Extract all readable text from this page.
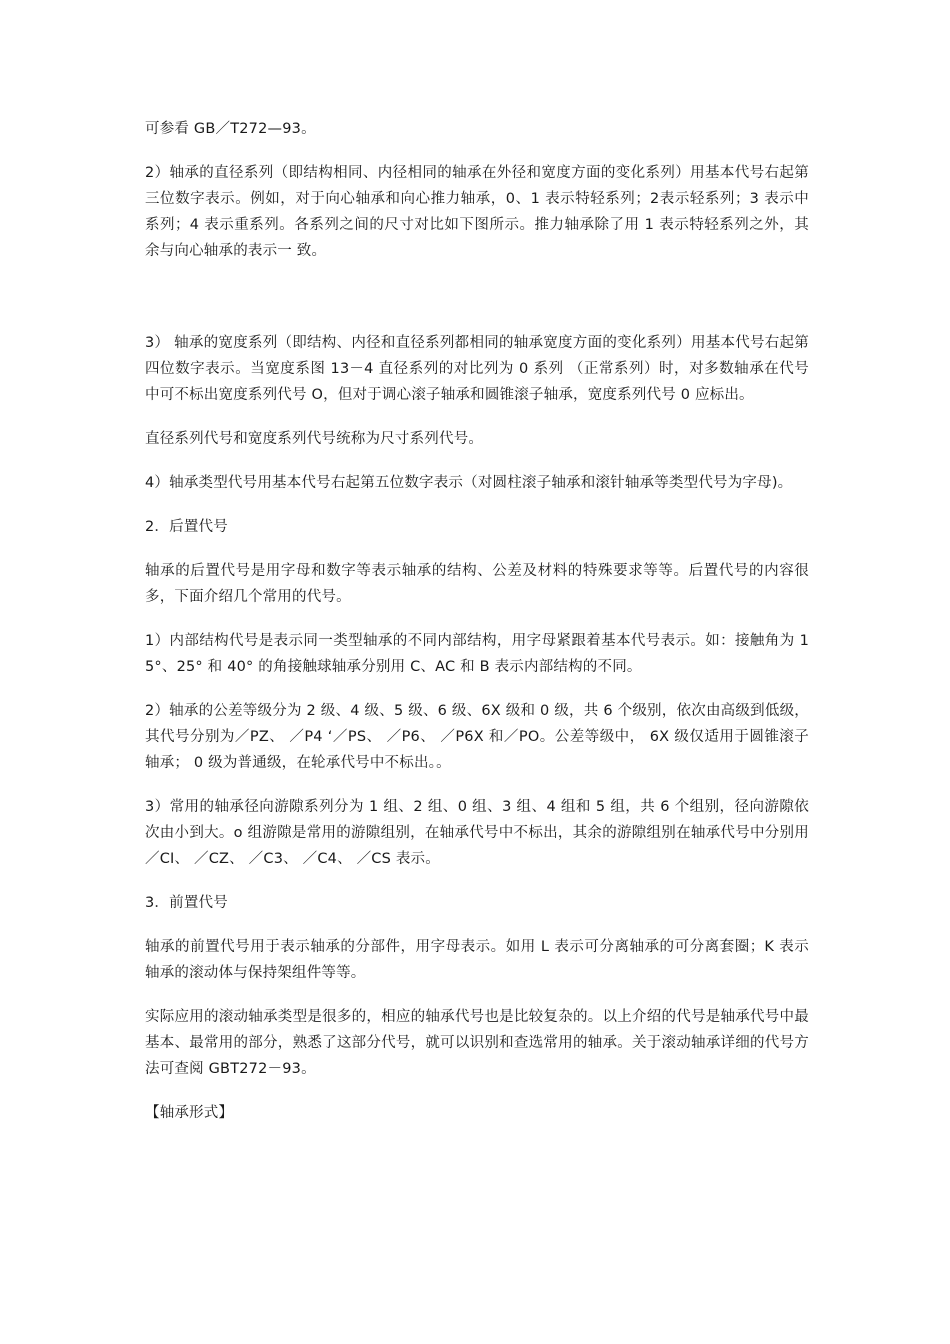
可参看 GB／T272—93。

2）轴承的直径系列（即结构相同、内径相同的轴承在外径和宽度方面的变化系列）用基本代号右起第三位数字表示。例如，对于向心轴承和向心推力轴承，0、1 表示特轻系列；2表示轻系列；3 表示中系列；4 表示重系列。各系列之间的尺寸对比如下图所示。推力轴承除了用 1 表示特轻系列之外，其余与向心轴承的表示一 致。

3） 轴承的宽度系列（即结构、内径和直径系列都相同的轴承宽度方面的变化系列）用基本代号右起第四位数字表示。当宽度系图 13－4 直径系列的对比列为 0 系列 （正常系列）时，对多数轴承在代号中可不标出宽度系列代号 O，但对于调心滚子轴承和圆锥滚子轴承，宽度系列代号 0 应标出。

直径系列代号和宽度系列代号统称为尺寸系列代号。

4）轴承类型代号用基本代号右起第五位数字表示（对圆柱滚子轴承和滚针轴承等类型代号为字母)。

2．后置代号

轴承的后置代号是用字母和数字等表示轴承的结构、公差及材料的特殊要求等等。后置代号的内容很多，下面介绍几个常用的代号。

1）内部结构代号是表示同一类型轴承的不同内部结构，用字母紧跟着基本代号表示。如：接触角为 15°、25° 和 40° 的角接触球轴承分别用 C、AC 和 B 表示内部结构的不同。

2）轴承的公差等级分为 2 级、4 级、5 级、6 级、6X 级和 0 级，共 6 个级别，依次由高级到低级，其代号分别为／PZ、 ／P4 ‘／PS、 ／P6、 ／P6X 和／PO。公差等级中， 6X 级仅适用于圆锥滚子轴承； 0 级为普通级，在轮承代号中不标出。。

3）常用的轴承径向游隙系列分为 1 组、2 组、0 组、3 组、4 组和 5 组，共 6 个组别，径向游隙依次由小到大。o 组游隙是常用的游隙组别，在轴承代号中不标出，其余的游隙组别在轴承代号中分别用／CI、 ／CZ、 ／C3、 ／C4、 ／CS 表示。

3．前置代号

轴承的前置代号用于表示轴承的分部件，用字母表示。如用 L 表示可分离轴承的可分离套圈；K 表示轴承的滚动体与保持架组件等等。

实际应用的滚动轴承类型是很多的，相应的轴承代号也是比较复杂的。以上介绍的代号是轴承代号中最基本、最常用的部分，熟悉了这部分代号，就可以识别和查选常用的轴承。关于滚动轴承详细的代号方法可查阅 GBT272－93。

【轴承形式】
